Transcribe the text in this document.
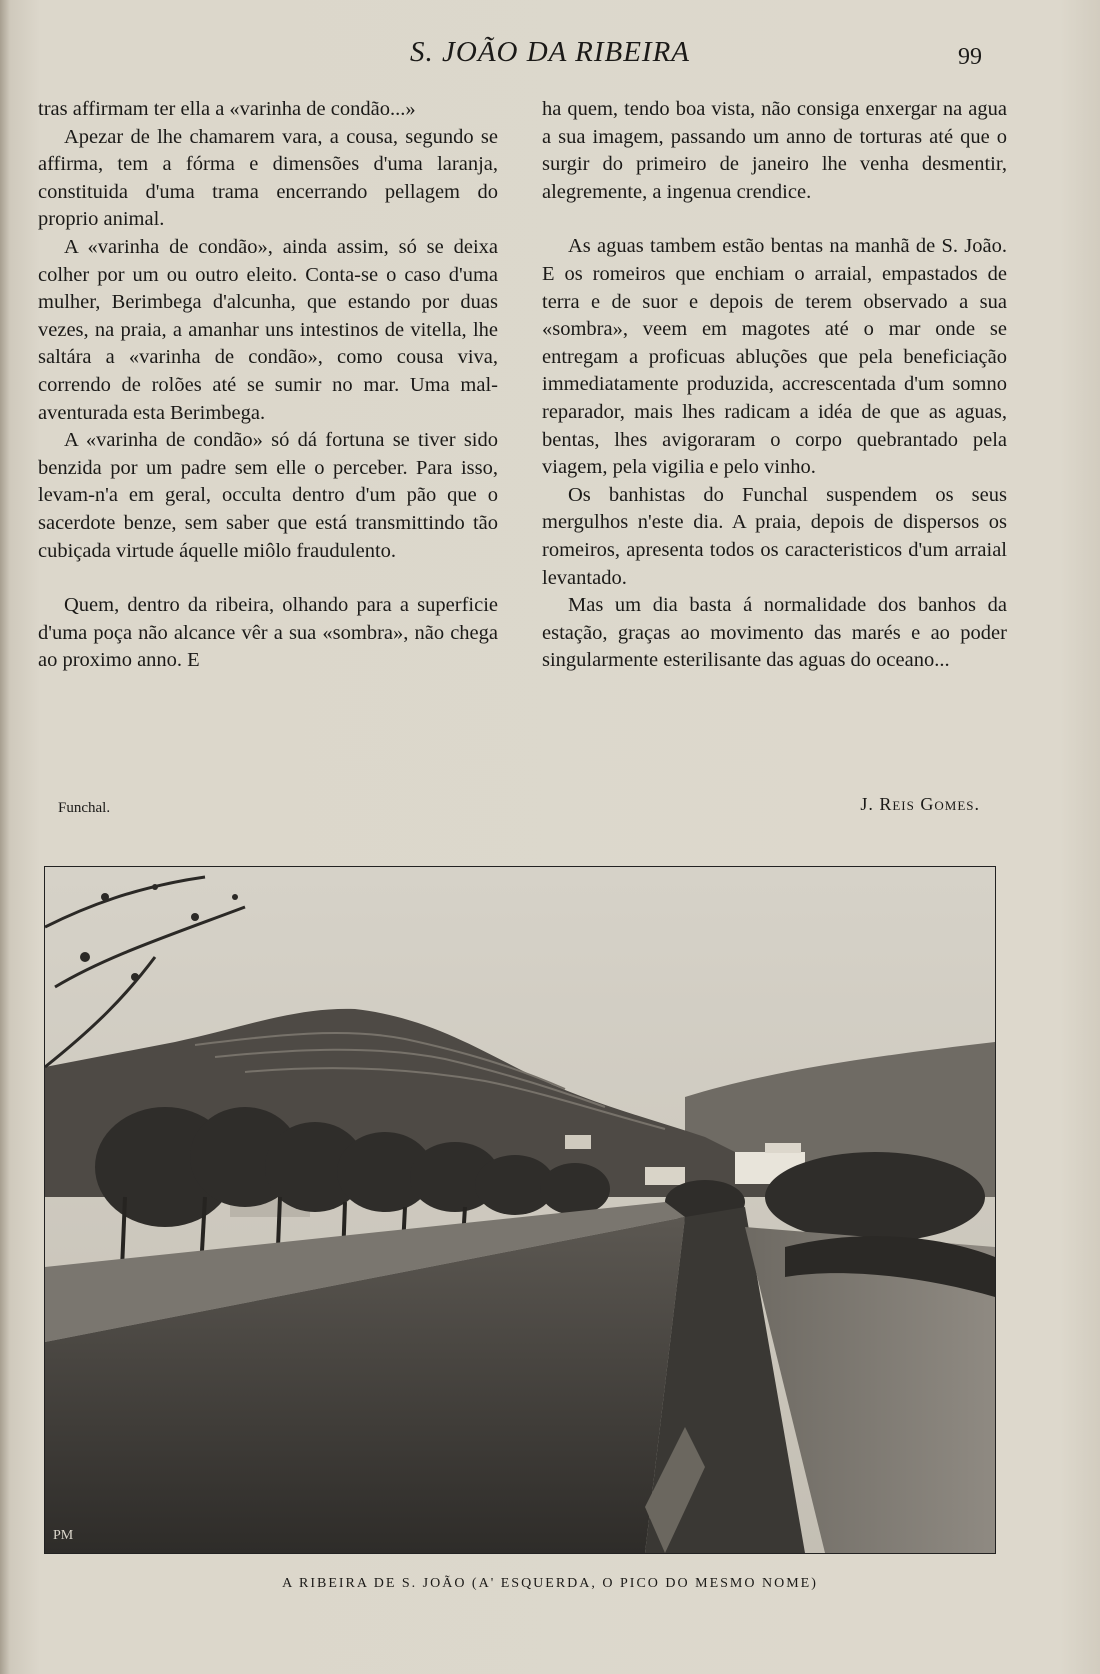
S. JOÃO DA RIBEIRA	99

tras affirmam ter ella a «varinha de condão...»

Apezar de lhe chamarem vara, a cousa, segundo se affirma, tem a fórma e dimensões d'uma laranja, constituida d'uma trama encerrando pellagem do proprio animal.

A «varinha de condão», ainda assim, só se deixa colher por um ou outro eleito. Conta-se o caso d'uma mulher, Berimbega d'alcunha, que estando por duas vezes, na praia, a amanhar uns intestinos de vitella, lhe saltára a «varinha de condão», como cousa viva, correndo de rolões até se sumir no mar. Uma mal-aventurada esta Berimbega.

A «varinha de condão» só dá fortuna se tiver sido benzida por um padre sem elle o perceber. Para isso, levam-n'a em geral, occulta dentro d'um pão que o sacerdote benze, sem saber que está transmittindo tão cubiçada virtude áquelle miôlo fraudulento.

Quem, dentro da ribeira, olhando para a superficie d'uma poça não alcance vêr a sua «sombra», não chega ao proximo anno. E

Funchal.

ha quem, tendo boa vista, não consiga enxergar na agua a sua imagem, passando um anno de torturas até que o surgir do primeiro de janeiro lhe venha desmentir, alegremente, a ingenua crendice.

As aguas tambem estão bentas na manhã de S. João. E os romeiros que enchiam o arraial, empastados de terra e de suor e depois de terem observado a sua «sombra», veem em magotes até o mar onde se entregam a proficuas abluções que pela beneficiação immediatamente produzida, accrescentada d'um somno reparador, mais lhes radicam a idéa de que as aguas, bentas, lhes avigoraram o corpo quebrantado pela viagem, pela vigilia e pelo vinho.

Os banhistas do Funchal suspendem os seus mergulhos n'este dia. A praia, depois de dispersos os romeiros, apresenta todos os caracteristicos d'um arraial levantado.

Mas um dia basta á normalidade dos banhos da estação, graças ao movimento das marés e ao poder singularmente esterilisante das aguas do oceano...

J. Reis Gomes.
PM
A RIBEIRA DE S. JOÃO (A' ESQUERDA, O PICO DO MESMO NOME)
